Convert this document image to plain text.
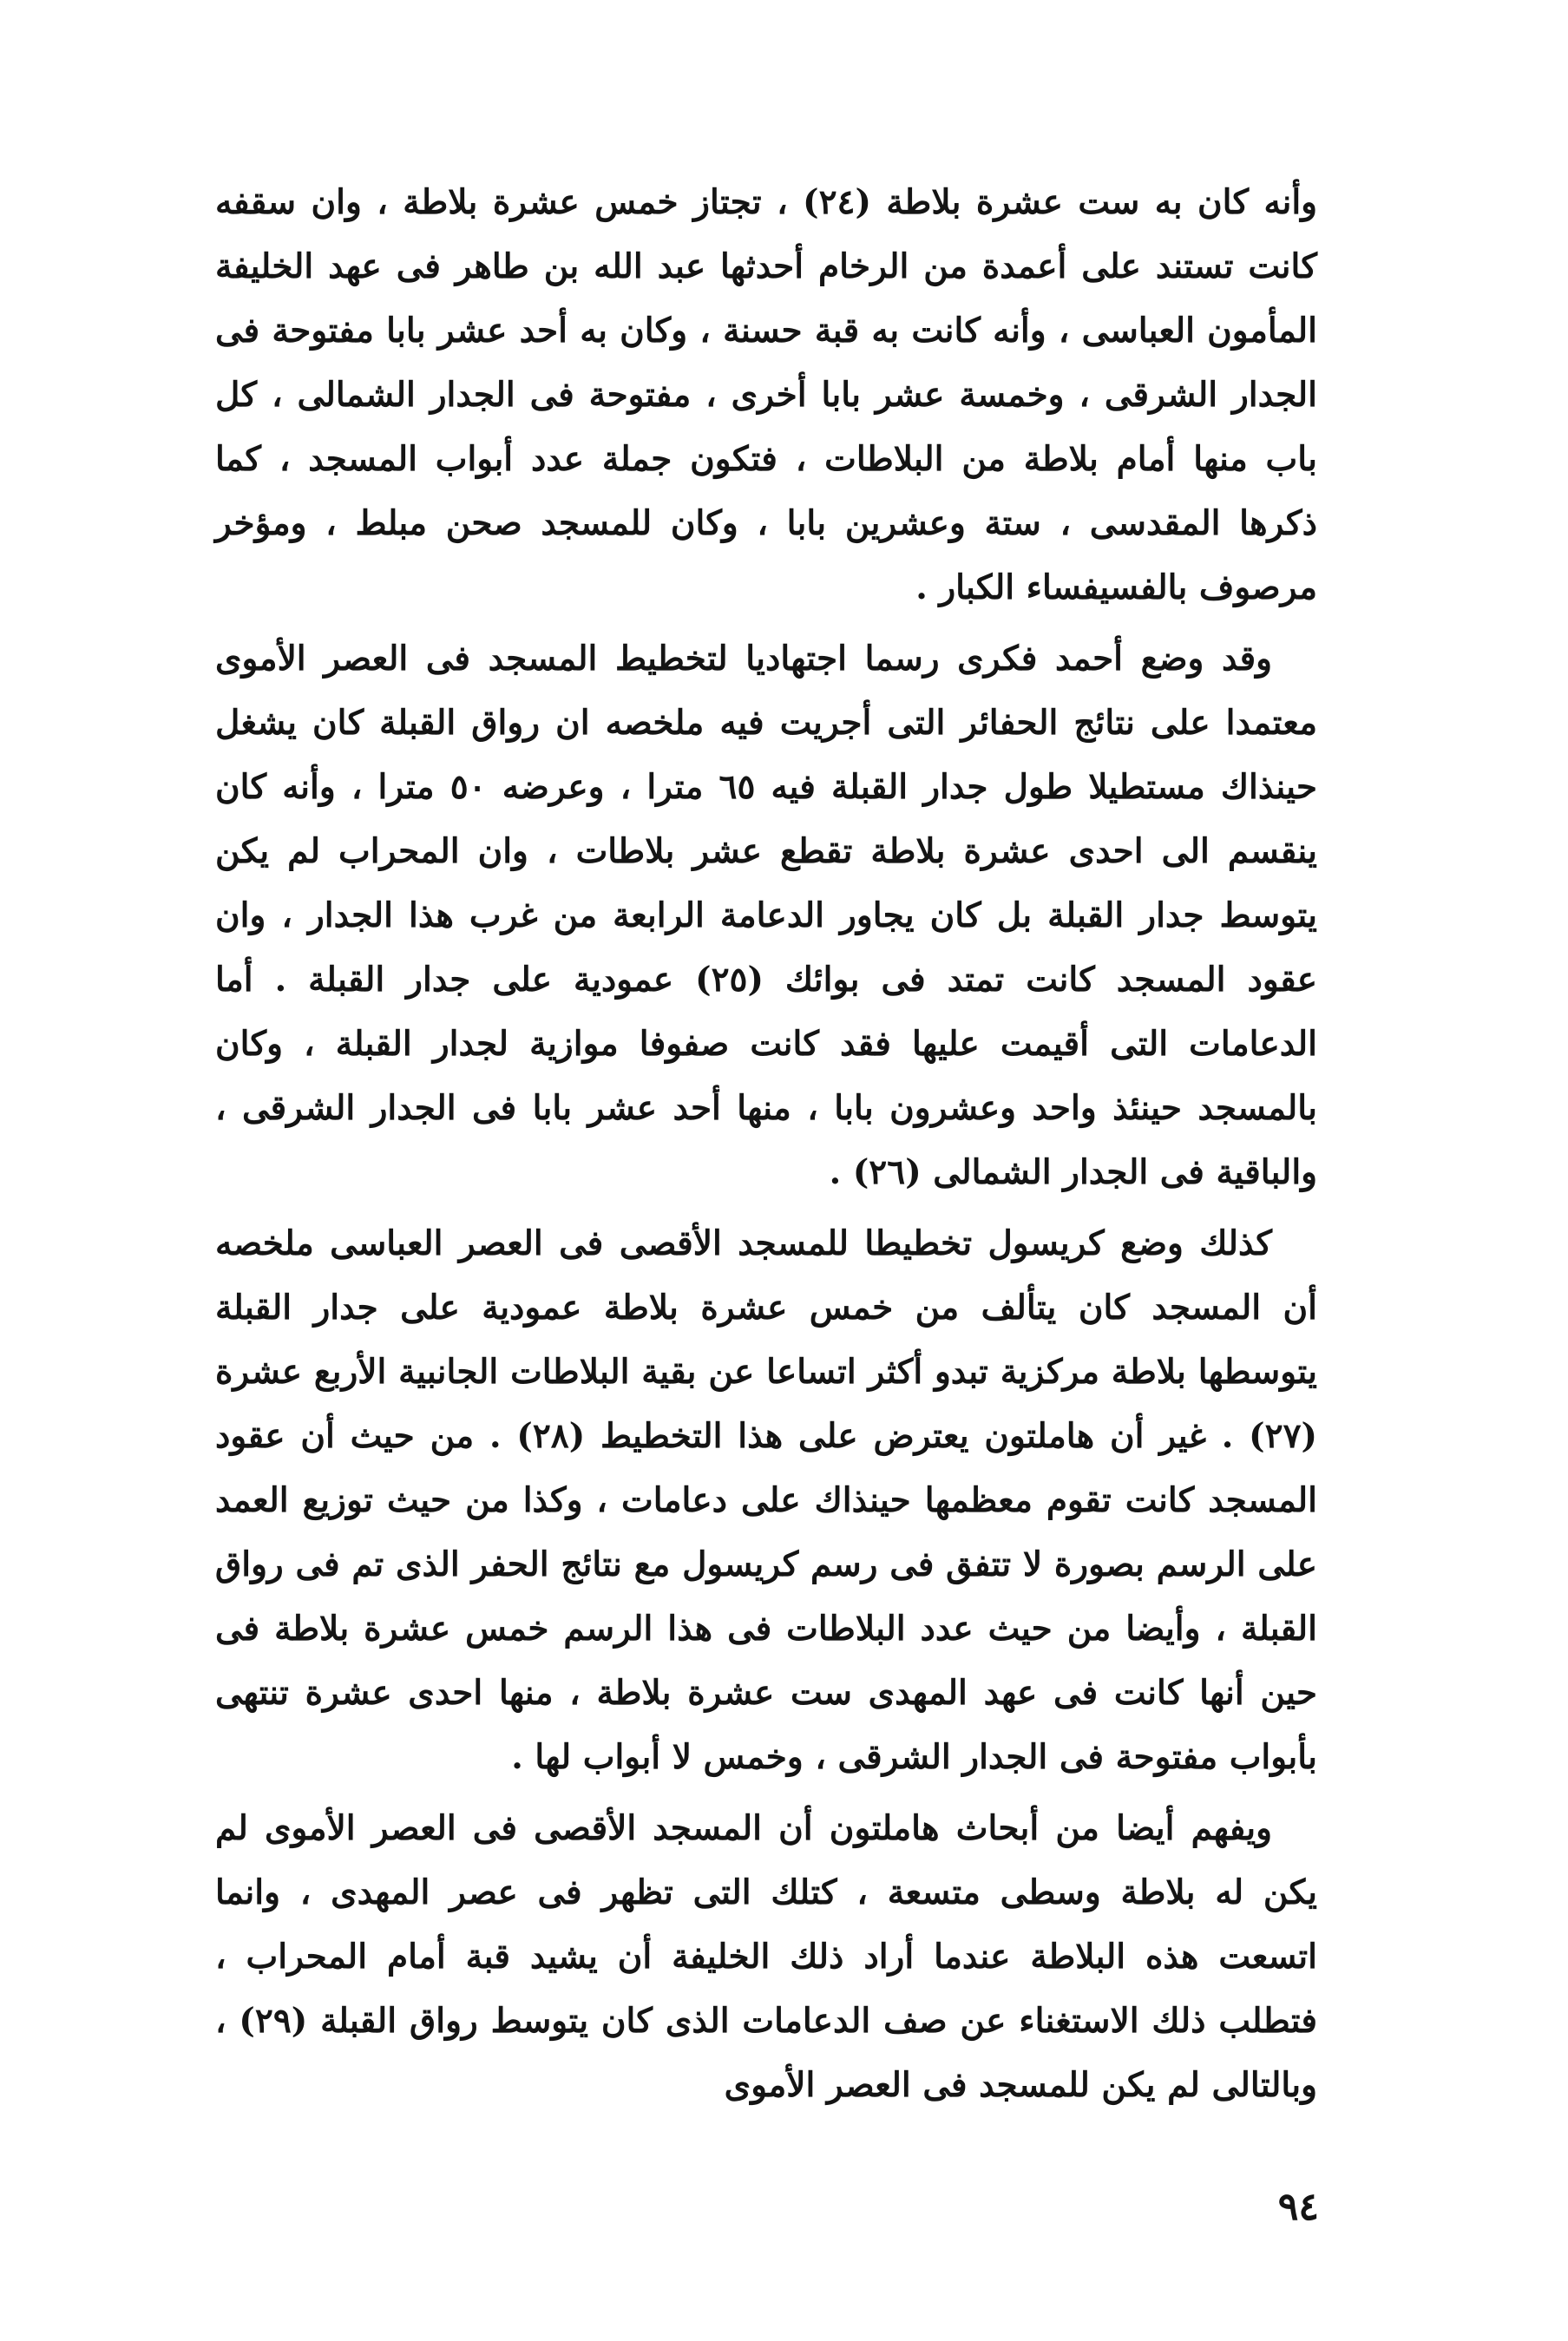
وأنه كان به ست عشرة بلاطة (٢٤) ، تجتاز خمس عشرة بلاطة ، وان سقفه كانت تستند على أعمدة من الرخام أحدثها عبد الله بن طاهر فى عهد الخليفة المأمون العباسى ، وأنه كانت به قبة حسنة ، وكان به أحد عشر بابا مفتوحة فى الجدار الشرقى ، وخمسة عشر بابا أخرى ، مفتوحة فى الجدار الشمالى ، كل باب منها أمام بلاطة من البلاطات ، فتكون جملة عدد أبواب المسجد ، كما ذكرها المقدسى ، ستة وعشرين بابا ، وكان للمسجد صحن مبلط ، ومؤخر مرصوف بالفسيفساء الكبار .

وقد وضع أحمد فكرى رسما اجتهاديا لتخطيط المسجد فى العصر الأموى معتمدا على نتائج الحفائر التى أجريت فيه ملخصه ان رواق القبلة كان يشغل حينذاك مستطيلا طول جدار القبلة فيه ٦٥ مترا ، وعرضه ٥٠ مترا ، وأنه كان ينقسم الى احدى عشرة بلاطة تقطع عشر بلاطات ، وان المحراب لم يكن يتوسط جدار القبلة بل كان يجاور الدعامة الرابعة من غرب هذا الجدار ، وان عقود المسجد كانت تمتد فى بوائك (٢٥) عمودية على جدار القبلة . أما الدعامات التى أقيمت عليها فقد كانت صفوفا موازية لجدار القبلة ، وكان بالمسجد حينئذ واحد وعشرون بابا ، منها أحد عشر بابا فى الجدار الشرقى ، والباقية فى الجدار الشمالى (٢٦) .

كذلك وضع كريسول تخطيطا للمسجد الأقصى فى العصر العباسى ملخصه أن المسجد كان يتألف من خمس عشرة بلاطة عمودية على جدار القبلة يتوسطها بلاطة مركزية تبدو أكثر اتساعا عن بقية البلاطات الجانبية الأربع عشرة (٢٧) . غير أن هاملتون يعترض على هذا التخطيط (٢٨) . من حيث أن عقود المسجد كانت تقوم معظمها حينذاك على دعامات ، وكذا من حيث توزيع العمد على الرسم بصورة لا تتفق فى رسم كريسول مع نتائج الحفر الذى تم فى رواق القبلة ، وأيضا من حيث عدد البلاطات فى هذا الرسم خمس عشرة بلاطة فى حين أنها كانت فى عهد المهدى ست عشرة بلاطة ، منها احدى عشرة تنتهى بأبواب مفتوحة فى الجدار الشرقى ، وخمس لا أبواب لها .

ويفهم أيضا من أبحاث هاملتون أن المسجد الأقصى فى العصر الأموى لم يكن له بلاطة وسطى متسعة ، كتلك التى تظهر فى عصر المهدى ، وانما اتسعت هذه البلاطة عندما أراد ذلك الخليفة أن يشيد قبة أمام المحراب ، فتطلب ذلك الاستغناء عن صف الدعامات الذى كان يتوسط رواق القبلة (٢٩) ، وبالتالى لم يكن للمسجد فى العصر الأموى

٩٤
